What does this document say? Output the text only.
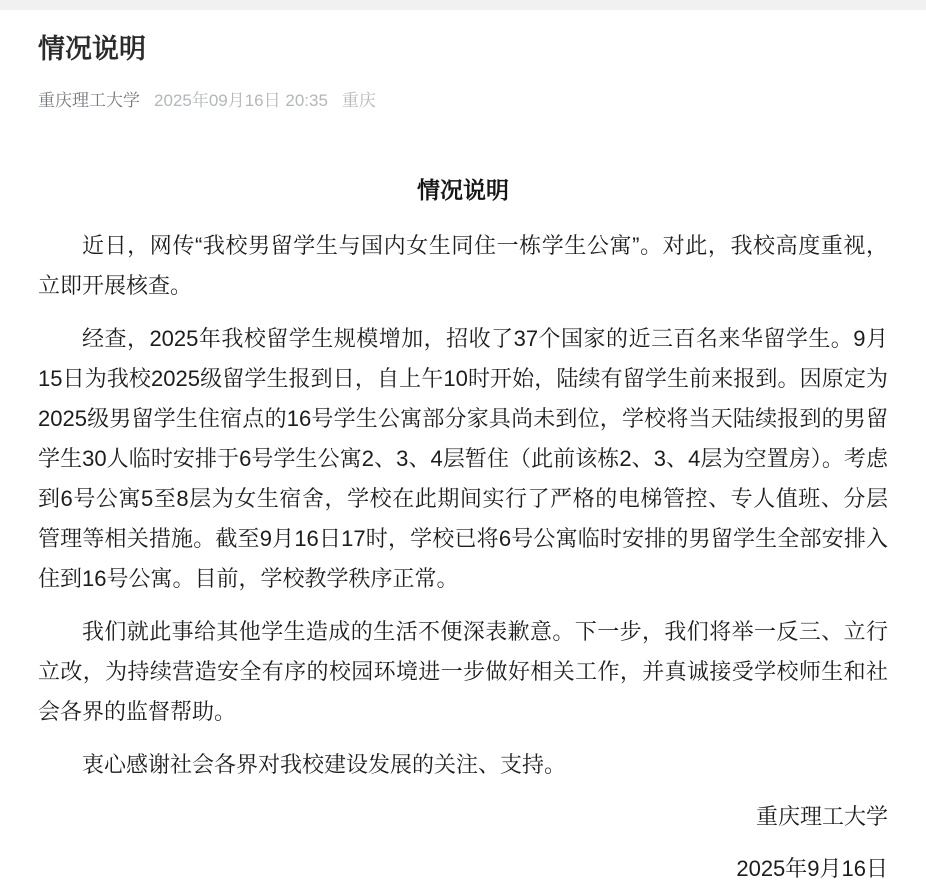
情况说明
重庆理工大学 2025年09月16日 20:35 重庆
情况说明

近日，网传“我校男留学生与国内女生同住一栋学生公寓”。对此，我校高度重视，立即开展核查。

经查，2025年我校留学生规模增加，招收了37个国家的近三百名来华留学生。9月15日为我校2025级留学生报到日，自上午10时开始，陆续有留学生前来报到。因原定为2025级男留学生住宿点的16号学生公寓部分家具尚未到位，学校将当天陆续报到的男留学生30人临时安排于6号学生公寓2、3、4层暂住（此前该栋2、3、4层为空置房）。考虑到6号公寓5至8层为女生宿舍，学校在此期间实行了严格的电梯管控、专人值班、分层管理等相关措施。截至9月16日17时，学校已将6号公寓临时安排的男留学生全部安排入住到16号公寓。目前，学校教学秩序正常。

我们就此事给其他学生造成的生活不便深表歉意。下一步，我们将举一反三、立行立改，为持续营造安全有序的校园环境进一步做好相关工作，并真诚接受学校师生和社会各界的监督帮助。

衷心感谢社会各界对我校建设发展的关注、支持。

重庆理工大学

2025年9月16日
